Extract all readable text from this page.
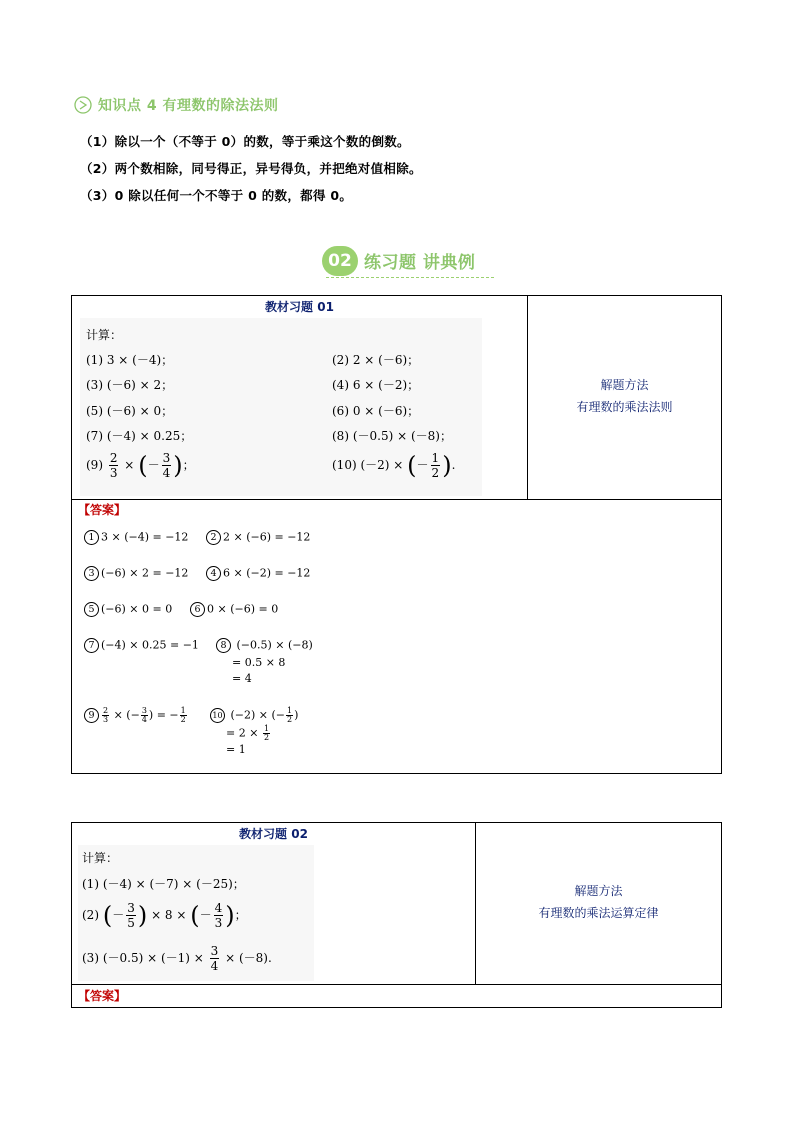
知识点 4 有理数的除法法则
（1）除以一个（不等于 0）的数，等于乘这个数的倒数。
（2）两个数相除，同号得正，异号得负，并把绝对值相除。
（3）0 除以任何一个不等于 0 的数，都得 0。
02 练习题 讲典例
教材习题 01
计算：
(1) 3 × (－4)；	(2) 2 × (－6)；
(3) (－6) × 2；	(4) 6 × (－2)；
(5) (－6) × 0；	(6) 0 × (－6)；
(7) (－4) × 0.25；	(8) (－0.5) × (－8)；
$(9) \frac{2}{3}$ × (－ $\frac{3}{4}$ )；	(10) (－2) × (－ $\frac{1}{2}$ ).
解题方法
有理数的乘法法则
【答案】
1 3 × (−4) = −12	2 2 × (−6) = −12
3 (−6) × 2 = −12	4 6 × (−2) = −12
5 (−6) × 0 = 0	6 0 × (−6) = 0
7 (−4) × 0.25 = −1	8 (−0.5) × (−8)
= 0.5 × 8
= 4
$9 \frac{2}{3}$ × (− $\frac{3}{4}$ ) = − $\frac{1}{2}$	10 (−2) × (− $\frac{1}{2}$ )
= $2 \times \frac{1}{2}$
= 1
教材习题 02
计算：
(1) (－4) × (－7) × (－25)；
(2) (－ $\frac{3}{5}$ ) × 8 × (－ $\frac{4}{3}$ )；
(3) $(-0.5) \times (-1) \times \frac{3}{4} \times (-8)$.
解题方法
有理数的乘法运算定律
【答案】
